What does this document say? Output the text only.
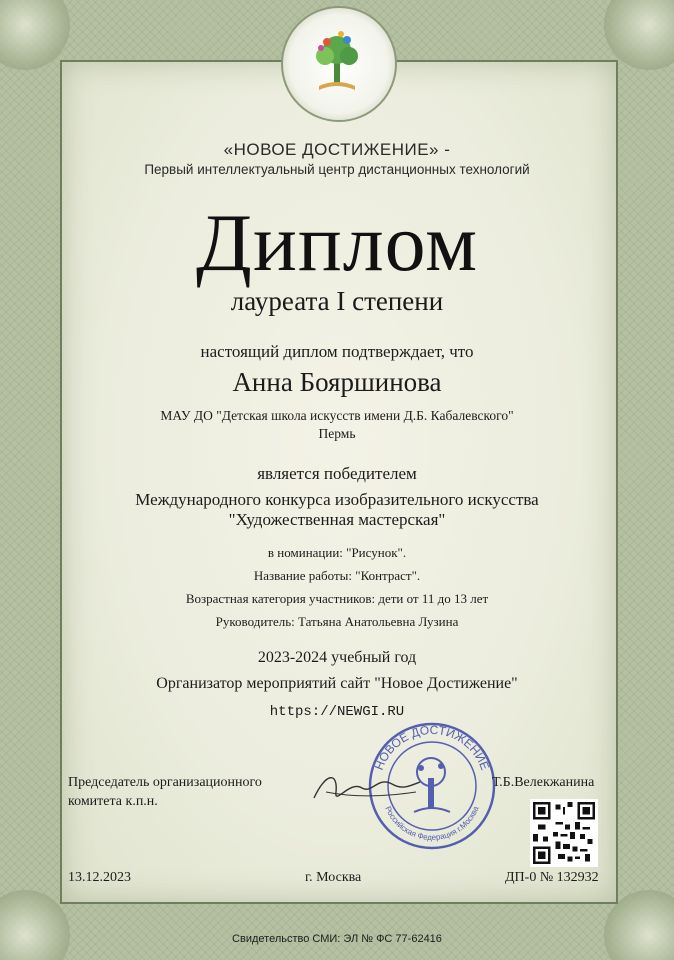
«НОВОЕ ДОСТИЖЕНИЕ» -
Первый интеллектуальный центр дистанционных технологий
Диплом
лауреата I степени
настоящий диплом подтверждает, что
Анна Бояршинова
МАУ ДО "Детская школа искусств имени Д.Б. Кабалевского"
Пермь
является победителем
Международного конкурса изобразительного искусства
"Художественная мастерская"
в номинации: "Рисунок".
Название работы: "Контраст".
Возрастная категория участников: дети от 11 до 13 лет
Руководитель: Татьяна Анатольевна Лузина
2023-2024 учебный год
Организатор мероприятий сайт "Новое Достижение"
https://NEWGI.RU
НОВОЕ ДОСТИЖЕНИЕ
Российская Федерация г.Москва
Председатель организационного
комитета к.п.н.
Т.Б.Велекжанина
13.12.2023	г. Москва	ДП-0 № 132932
Свидетельство СМИ: ЭЛ № ФС 77-62416
